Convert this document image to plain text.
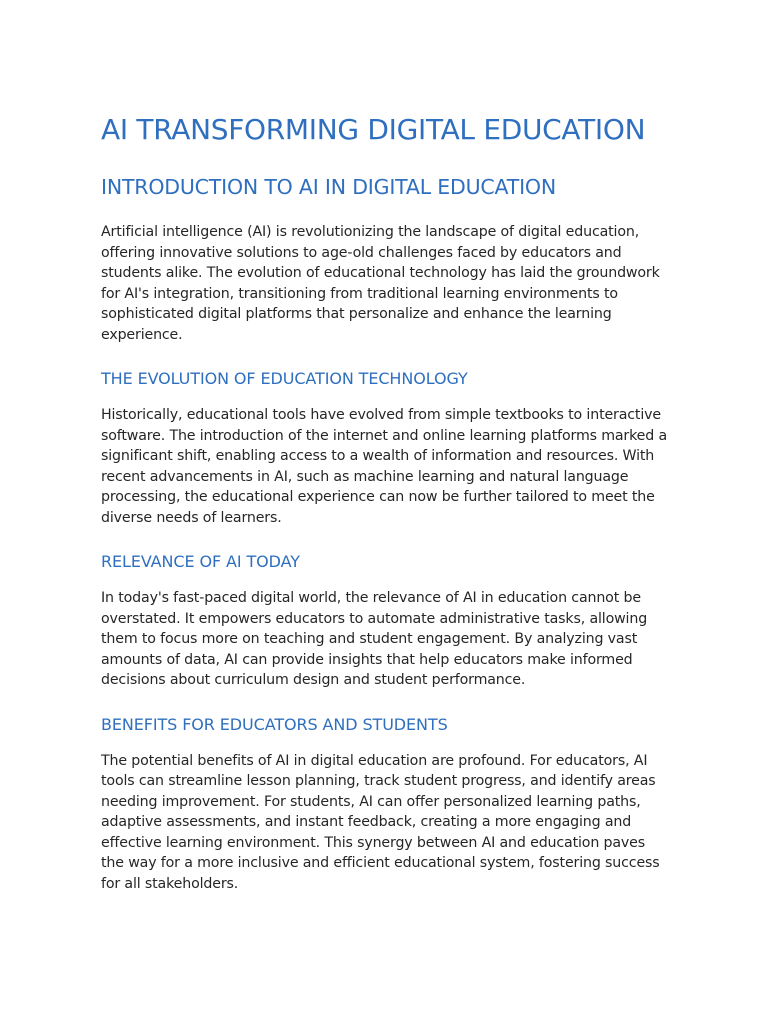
AI TRANSFORMING DIGITAL EDUCATION
INTRODUCTION TO AI IN DIGITAL EDUCATION

Artificial intelligence (AI) is revolutionizing the landscape of digital education, offering innovative solutions to age-old challenges faced by educators and students alike. The evolution of educational technology has laid the groundwork for AI's integration, transitioning from traditional learning environments to sophisticated digital platforms that personalize and enhance the learning experience.

THE EVOLUTION OF EDUCATION TECHNOLOGY

Historically, educational tools have evolved from simple textbooks to interactive software. The introduction of the internet and online learning platforms marked a significant shift, enabling access to a wealth of information and resources. With recent advancements in AI, such as machine learning and natural language processing, the educational experience can now be further tailored to meet the diverse needs of learners.

RELEVANCE OF AI TODAY

In today's fast-paced digital world, the relevance of AI in education cannot be overstated. It empowers educators to automate administrative tasks, allowing them to focus more on teaching and student engagement. By analyzing vast amounts of data, AI can provide insights that help educators make informed decisions about curriculum design and student performance.

BENEFITS FOR EDUCATORS AND STUDENTS

The potential benefits of AI in digital education are profound. For educators, AI tools can streamline lesson planning, track student progress, and identify areas needing improvement. For students, AI can offer personalized learning paths, adaptive assessments, and instant feedback, creating a more engaging and effective learning environment. This synergy between AI and education paves the way for a more inclusive and efficient educational system, fostering success for all stakeholders.
